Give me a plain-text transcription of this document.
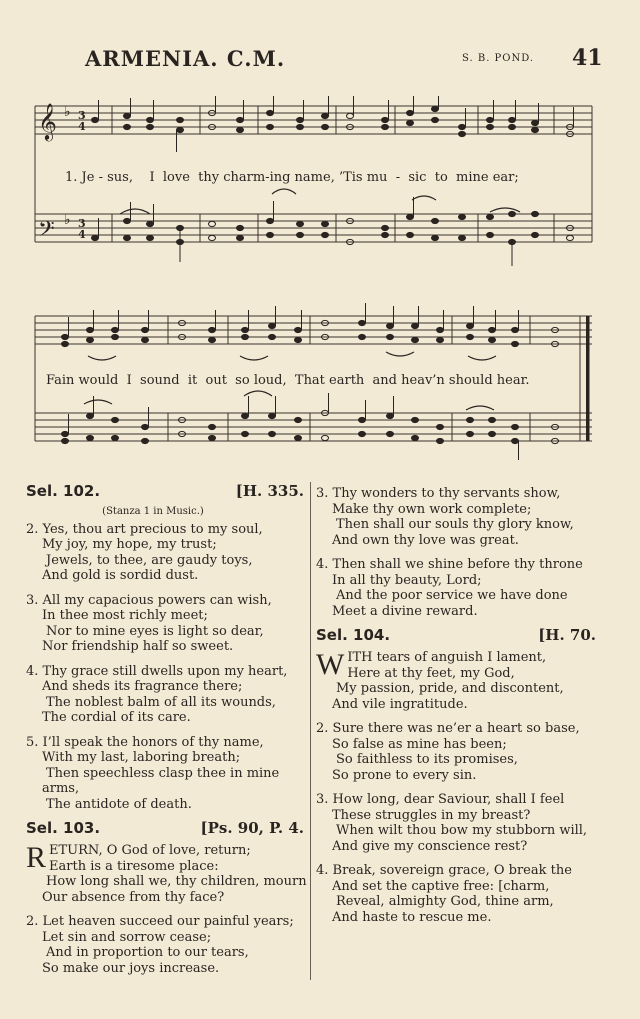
ARMENIA. C.M.	S. B. POND. 41
𝄞
𝄢
♭
♭
3
4
3
4
1. Je - sus,    I  love  thy charm-ing name, ’Tis mu  -  sic  to  mine ear;
Fain would  I  sound  it  out  so loud,  That earth  and heav’n should hear.
Sel. 102.	[H. 335.
(Stanza 1 in Music.)
2. Yes, thou art precious to my soul,
My joy, my hope, my trust;
Jewels, to thee, are gaudy toys,
And gold is sordid dust.
3. All my capacious powers can wish,
In thee most richly meet;
Nor to mine eyes is light so dear,
Nor friendship half so sweet.
4. Thy grace still dwells upon my heart,
And sheds its fragrance there;
The noblest balm of all its wounds,
The cordial of its care.
5. I’ll speak the honors of thy name,
With my last, laboring breath;
Then speechless clasp thee in mine
arms,
The antidote of death.
Sel. 103.	[Ps. 90, P. 4.
R ETURN, O God of love, return;
Earth is a tiresome place:
How long shall we, thy children, mourn
Our absence from thy face?
2. Let heaven succeed our painful years;
Let sin and sorrow cease;
And in proportion to our tears,
So make our joys increase.
3. Thy wonders to thy servants show,
Make thy own work complete;
Then shall our souls thy glory know,
And own thy love was great.
4. Then shall we shine before thy throne
In all thy beauty, Lord;
And the poor service we have done
Meet a divine reward.
Sel. 104.	[H. 70.
W ITH tears of anguish I lament,
Here at thy feet, my God,
My passion, pride, and discontent,
And vile ingratitude.
2. Sure there was ne’er a heart so base,
So false as mine has been;
So faithless to its promises,
So prone to every sin.
3. How long, dear Saviour, shall I feel
These struggles in my breast?
When wilt thou bow my stubborn will,
And give my conscience rest?
4. Break, sovereign grace, O break the
And set the captive free: [charm,
Reveal, almighty God, thine arm,
And haste to rescue me.
